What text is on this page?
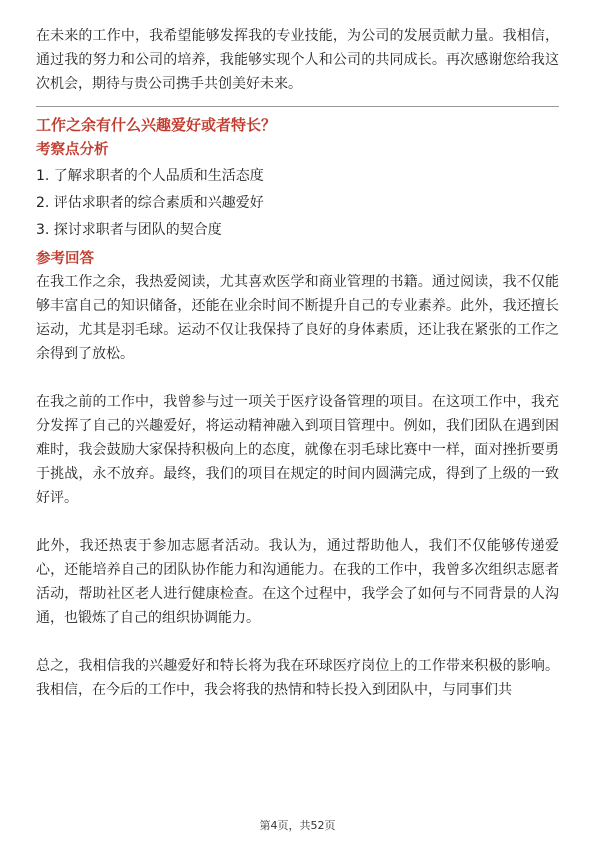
在未来的工作中，我希望能够发挥我的专业技能，为公司的发展贡献力量。我相信，通过我的努力和公司的培养，我能够实现个人和公司的共同成长。再次感谢您给我这次机会，期待与贵公司携手共创美好未来。

工作之余有什么兴趣爱好或者特长？

考察点分析

1. 了解求职者的个人品质和生活态度
2. 评估求职者的综合素质和兴趣爱好
3. 探讨求职者与团队的契合度

参考回答

在我工作之余，我热爱阅读，尤其喜欢医学和商业管理的书籍。通过阅读，我不仅能够丰富自己的知识储备，还能在业余时间不断提升自己的专业素养。此外，我还擅长运动，尤其是羽毛球。运动不仅让我保持了良好的身体素质，还让我在紧张的工作之余得到了放松。

在我之前的工作中，我曾参与过一项关于医疗设备管理的项目。在这项工作中，我充分发挥了自己的兴趣爱好，将运动精神融入到项目管理中。例如，我们团队在遇到困难时，我会鼓励大家保持积极向上的态度，就像在羽毛球比赛中一样，面对挫折要勇于挑战，永不放弃。最终，我们的项目在规定的时间内圆满完成，得到了上级的一致好评。

此外，我还热衷于参加志愿者活动。我认为，通过帮助他人，我们不仅能够传递爱心，还能培养自己的团队协作能力和沟通能力。在我的工作中，我曾多次组织志愿者活动，帮助社区老人进行健康检查。在这个过程中，我学会了如何与不同背景的人沟通，也锻炼了自己的组织协调能力。

总之，我相信我的兴趣爱好和特长将为我在环球医疗岗位上的工作带来积极的影响。我相信，在今后的工作中，我会将我的热情和特长投入到团队中，与同事们共

第4页，共52页
